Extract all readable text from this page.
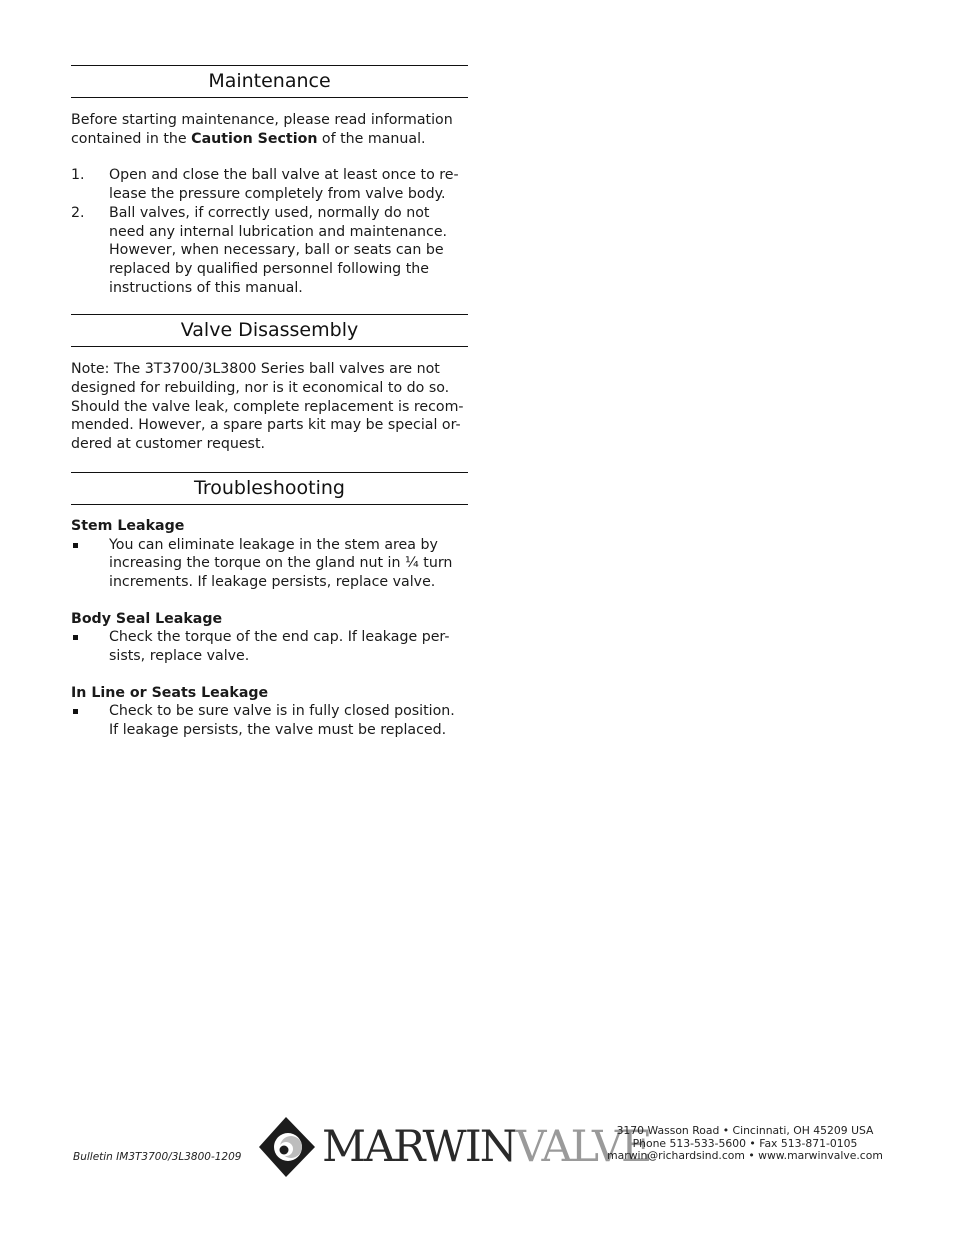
Maintenance
Before starting maintenance, please read information contained in the Caution Section of the manual.
1. Open and close the ball valve at least once to re-lease the pressure completely from valve body.
2. Ball valves, if correctly used, normally do not need any internal lubrication and maintenance. However, when necessary, ball or seats can be replaced by qualified personnel following the instructions of this manual.
Valve Disassembly
Note: The 3T3700/3L3800 Series ball valves are not designed for rebuilding, nor is it economical to do so. Should the valve leak, complete replacement is recom-mended. However, a spare parts kit may be special or-dered at customer request.
Troubleshooting
Stem Leakage
You can eliminate leakage in the stem area by increasing the torque on the gland nut in ¼ turn increments. If leakage persists, replace valve.
Body Seal Leakage
Check the torque of the end cap. If leakage per-sists, replace valve.
In Line or Seats Leakage
Check to be sure valve is in fully closed position. If leakage persists, the valve must be replaced.
Bulletin IM3T3700/3L3800-1209 MARWINVALVE
3170 Wasson Road • Cincinnati, OH 45209 USA
Phone 513-533-5600 • Fax 513-871-0105
marwin@richardsind.com • www.marwinvalve.com
